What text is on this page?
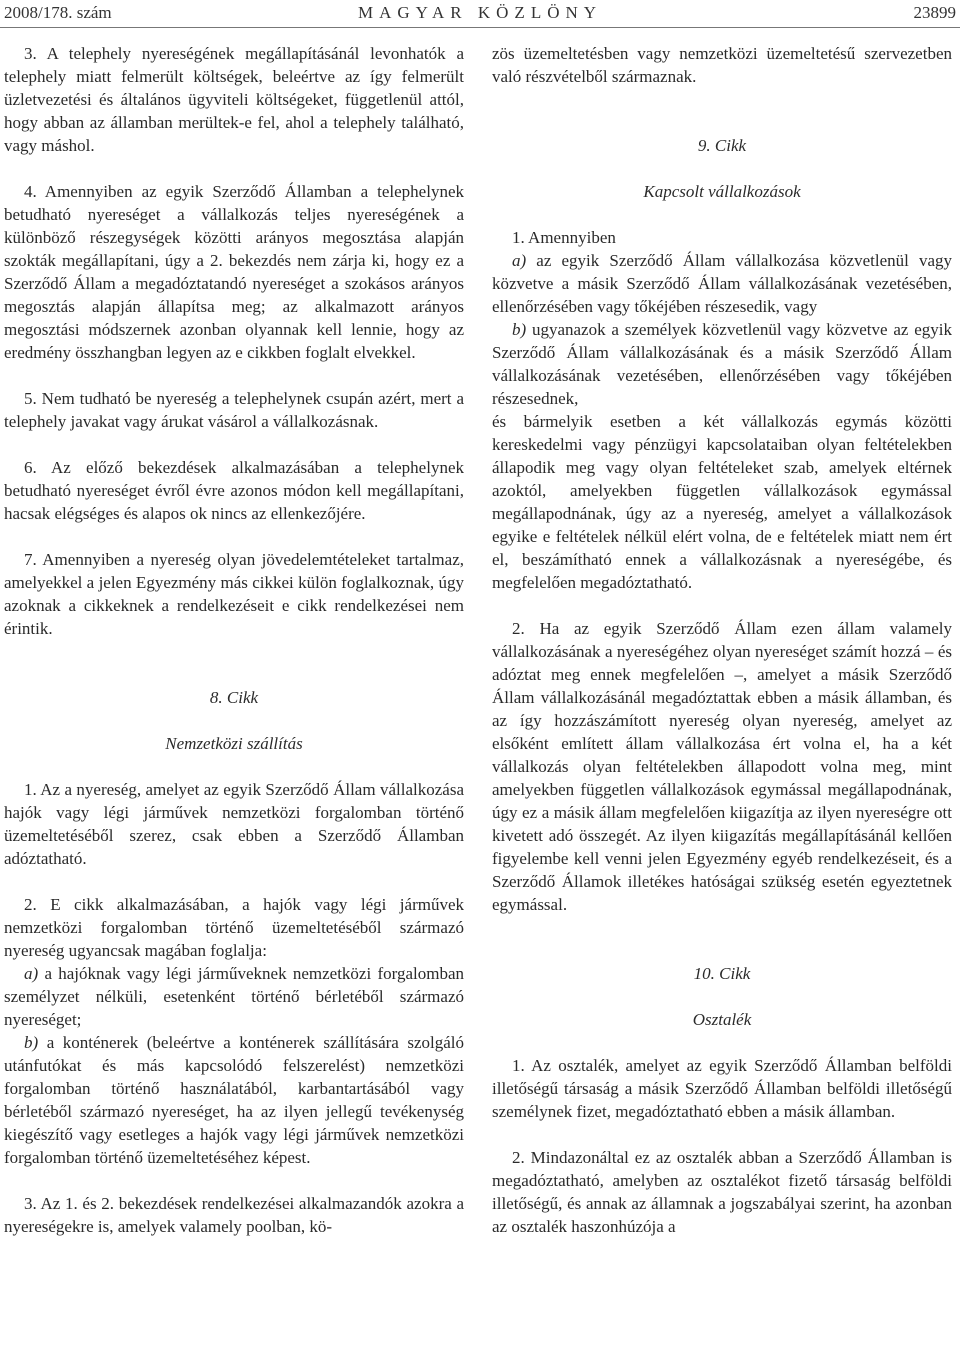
2008/178. szám	MAGYAR KÖZLÖNY	23899

3. A telephely nyereségének megállapításánál levonhatók a telephely miatt felmerült költségek, beleértve az így felmerült üzletvezetési és általános ügyviteli költségeket, függetlenül attól, hogy abban az államban merültek-e fel, ahol a telephely található, vagy máshol.

4. Amennyiben az egyik Szerződő Államban a telephelynek betudható nyereséget a vállalkozás teljes nyereségének a különböző részegységek közötti arányos megosztása alapján szokták megállapítani, úgy a 2. bekezdés nem zárja ki, hogy ez a Szerződő Állam a megadóztatandó nyereséget a szokásos arányos megosztás alapján állapítsa meg; az alkalmazott arányos megosztási módszernek azonban olyannak kell lennie, hogy az eredmény összhangban legyen az e cikkben foglalt elvekkel.

5. Nem tudható be nyereség a telephelynek csupán azért, mert a telephely javakat vagy árukat vásárol a vállalkozásnak.

6. Az előző bekezdések alkalmazásában a telephelynek betudható nyereséget évről évre azonos módon kell megállapítani, hacsak elégséges és alapos ok nincs az ellenkezőjére.

7. Amennyiben a nyereség olyan jövedelemtételeket tartalmaz, amelyekkel a jelen Egyezmény más cikkei külön foglalkoznak, úgy azoknak a cikkeknek a rendelkezéseit e cikk rendelkezései nem érintik.

8. Cikk

Nemzetközi szállítás

1. Az a nyereség, amelyet az egyik Szerződő Állam vállalkozása hajók vagy légi járművek nemzetközi forgalomban történő üzemeltetéséből szerez, csak ebben a Szerződő Államban adóztatható.

2. E cikk alkalmazásában, a hajók vagy légi járművek nemzetközi forgalomban történő üzemeltetéséből származó nyereség ugyancsak magában foglalja:

a) a hajóknak vagy légi járműveknek nemzetközi forgalomban személyzet nélküli, esetenként történő bérletéből származó nyereséget;

b) a konténerek (beleértve a konténerek szállítására szolgáló utánfutókat és más kapcsolódó felszerelést) nemzetközi forgalomban történő használatából, karbantartásából vagy bérletéből származó nyereséget, ha az ilyen jellegű tevékenység kiegészítő vagy esetleges a hajók vagy légi járművek nemzetközi forgalomban történő üzemeltetéséhez képest.

3. Az 1. és 2. bekezdések rendelkezései alkalmazandók azokra a nyereségekre is, amelyek valamely poolban, kö-

zös üzemeltetésben vagy nemzetközi üzemeltetésű szervezetben való részvételből származnak.

9. Cikk

Kapcsolt vállalkozások

1. Amennyiben

a) az egyik Szerződő Állam vállalkozása közvetlenül vagy közvetve a másik Szerződő Állam vállalkozásának vezetésében, ellenőrzésében vagy tőkéjében részesedik, vagy

b) ugyanazok a személyek közvetlenül vagy közvetve az egyik Szerződő Állam vállalkozásának és a másik Szerződő Állam vállalkozásának vezetésében, ellenőrzésében vagy tőkéjében részesednek,

és bármelyik esetben a két vállalkozás egymás közötti kereskedelmi vagy pénzügyi kapcsolataiban olyan feltételekben állapodik meg vagy olyan feltételeket szab, amelyek eltérnek azoktól, amelyekben független vállalkozások egymással megállapodnának, úgy az a nyereség, amelyet a vállalkozások egyike e feltételek nélkül elért volna, de e feltételek miatt nem ért el, beszámítható ennek a vállalkozásnak a nyereségébe, és megfelelően megadóztatható.

2. Ha az egyik Szerződő Állam ezen állam valamely vállalkozásának a nyereségéhez olyan nyereséget számít hozzá – és adóztat meg ennek megfelelően –, amelyet a másik Szerződő Állam vállalkozásánál megadóztattak ebben a másik államban, és az így hozzászámított nyereség olyan nyereség, amelyet az elsőként említett állam vállalkozása ért volna el, ha a két vállalkozás olyan feltételekben állapodott volna meg, mint amelyekben független vállalkozások egymással megállapodnának, úgy ez a másik állam megfelelően kiigazítja az ilyen nyereségre ott kivetett adó összegét. Az ilyen kiigazítás megállapításánál kellően figyelembe kell venni jelen Egyezmény egyéb rendelkezéseit, és a Szerződő Államok illetékes hatóságai szükség esetén egyeztetnek egymással.

10. Cikk

Osztalék

1. Az osztalék, amelyet az egyik Szerződő Államban belföldi illetőségű társaság a másik Szerződő Államban belföldi illetőségű személynek fizet, megadóztatható ebben a másik államban.

2. Mindazonáltal ez az osztalék abban a Szerződő Államban is megadóztatható, amelyben az osztalékot fizető társaság belföldi illetőségű, és annak az államnak a jogszabályai szerint, ha azonban az osztalék haszonhúzója a
